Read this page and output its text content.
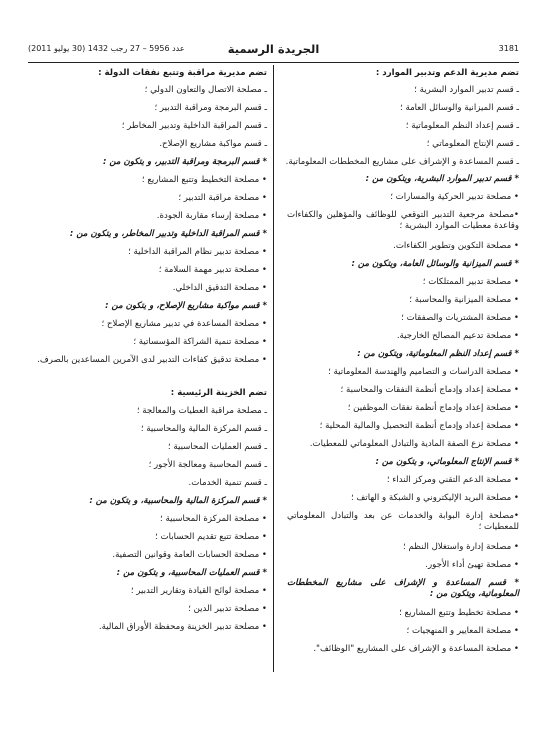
عدد 5956 – 27 رجب 1432 (30 يوليو 2011)	الجريدة الرسمية	3181

تضم مديرية الدعم وتدبير الموارد :

ـ قسم تدبير الموارد البشرية ؛

ـ قسم الميزانية والوسائل العامة ؛

ـ قسم إعداد النظم المعلوماتية ؛

ـ قسم الإنتاج المعلوماتي ؛

ـ قسم المساعدة و الإشراف على مشاريع المخططات المعلوماتية.

* قسم تدبير الموارد البشرية، ويتكون من :

• مصلحة تدبير الحركية والمسارات ؛

•مصلحة مرجعية التدبير التوقعي للوظائف والمؤهلين والكفاءات وقاعدة معطيات الموارد البشرية ؛

• مصلحة التكوين وتطوير الكفاءات.

* قسم الميزانية والوسائل العامة، ويتكون من :

• مصلحة تدبير الممتلكات ؛

• مصلحة الميزانية والمحاسبة ؛

• مصلحة المشتريات والصفقات ؛

• مصلحة تدعيم المصالح الخارجية.

* قسم إعداد النظم المعلوماتية، ويتكون من :

• مصلحة الدراسات و التصاميم والهندسة المعلوماتية ؛

• مصلحة إعداد وإدماج أنظمة النفقات والمحاسبة ؛

• مصلحة إعداد وإدماج أنظمة نفقات الموظفين ؛

• مصلحة إعداد وإدماج أنظمة التحصيل والمالية المحلية ؛

• مصلحة نزع الصفة المادية والتبادل المعلوماتي للمعطيات.

* قسم الإنتاج المعلوماتي، و يتكون من :

• مصلحة الدعم التقني ومركز النداء ؛

• مصلحة البريد الإليكتروني و الشبكة و الهاتف ؛

•مصلحة إدارة البوابة والخدمات عن بعد والتبادل المعلوماتي للمعطيات ؛

• مصلحة إدارة واستغلال النظم ؛

• مصلحة تهيئ أداء الأجور.

* قسم المساعدة و الإشراف على مشاريع المخططات المعلوماتية، ويتكون من :

• مصلحة تخطيط وتتبع المشاريع ؛

• مصلحة المعايير و المنهجيات ؛

• مصلحة المساعدة و الإشراف على المشاريع "الوظائف".

تضم مديرية مراقبة وتتبع نفقات الدولة :

ـ مصلحة الاتصال والتعاون الدولي ؛

ـ قسم البرمجة ومراقبة التدبير ؛

ـ قسم المراقبة الداخلية وتدبير المخاطر ؛

ـ قسم مواكبة مشاريع الإصلاح.

* قسم البرمجة ومراقبة التدبير، و يتكون من :

• مصلحة التخطيط وتتبع المشاريع ؛

• مصلحة مراقبة التدبير ؛

• مصلحة إرساء مقاربة الجودة.

* قسم المراقبة الداخلية وتدبير المخاطر، و يتكون من :

• مصلحة تدبير نظام المراقبة الداخلية ؛

• مصلحة تدبير مهمة السلامة ؛

• مصلحة التدقيق الداخلي.

* قسم مواكبة مشاريع الإصلاح، و يتكون من :

• مصلحة المساعدة في تدبير مشاريع الإصلاح ؛

• مصلحة تنمية الشراكة المؤسساتية ؛

• مصلحة تدقيق كفاءات التدبير لدى الآمرين المساعدين بالصرف.

تضم الخزينة الرئيسية :

ـ مصلحة مراقبة العطيات والمعالجة ؛

ـ قسم المركزة المالية والمحاسبية ؛

ـ قسم العمليات المحاسبية ؛

ـ قسم المحاسبة ومعالجة الأجور ؛

ـ قسم تنمية الخدمات.

* قسم المركزة المالية والمحاسبية، و يتكون من :

• مصلحة المركزة المحاسبية ؛

• مصلحة تتبع تقديم الحسابات ؛

• مصلحة الحسابات العامة وقوانين التصفية.

* قسم العمليات المحاسبية، و يتكون من :

• مصلحة لوائح القيادة وتقارير التدبير ؛

• مصلحة تدبير الدين ؛

• مصلحة تدبير الخزينة ومحفظة الأوراق المالية.
